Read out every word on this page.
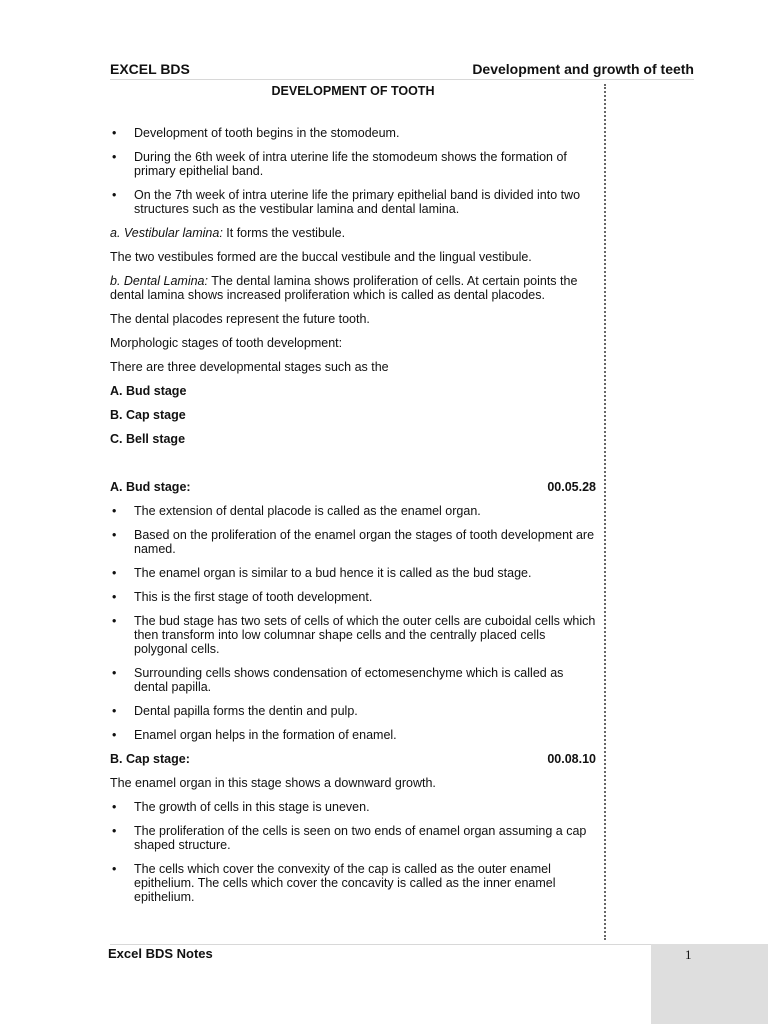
EXCEL BDS	Development and growth of teeth
DEVELOPMENT OF TOOTH
• Development of tooth begins in the stomodeum.
• During the 6th week of intra uterine life the stomodeum shows the formation of primary epithelial band.
• On the 7th week of intra uterine life the primary epithelial band is divided into two structures such as the vestibular lamina and dental lamina.

a. Vestibular lamina: It forms the vestibule.

The two vestibules formed are the buccal vestibule and the lingual vestibule.

b. Dental Lamina: The dental lamina shows proliferation of cells. At certain points the dental lamina shows increased proliferation which is called as dental placodes.

The dental placodes represent the future tooth.

Morphologic stages of tooth development:

There are three developmental stages such as the

A. Bud stage

B. Cap stage

C. Bell stage

A. Bud stage:	00.05.28
• The extension of dental placode is called as the enamel organ.
• Based on the proliferation of the enamel organ the stages of tooth development are named.
• The enamel organ is similar to a bud hence it is called as the bud stage.
• This is the first stage of tooth development.
• The bud stage has two sets of cells of which the outer cells are cuboidal cells which then transform into low columnar shape cells and the centrally placed cells polygonal cells.
• Surrounding cells shows condensation of ectomesenchyme which is called as dental papilla.
• Dental papilla forms the dentin and pulp.
• Enamel organ helps in the formation of enamel.
B. Cap stage:	00.08.10

The enamel organ in this stage shows a downward growth.

• The growth of cells in this stage is uneven.
• The proliferation of the cells is seen on two ends of enamel organ assuming a cap shaped structure.
• The cells which cover the convexity of the cap is called as the outer enamel epithelium. The cells which cover the concavity is called as the inner enamel epithelium.
Excel BDS Notes	1
